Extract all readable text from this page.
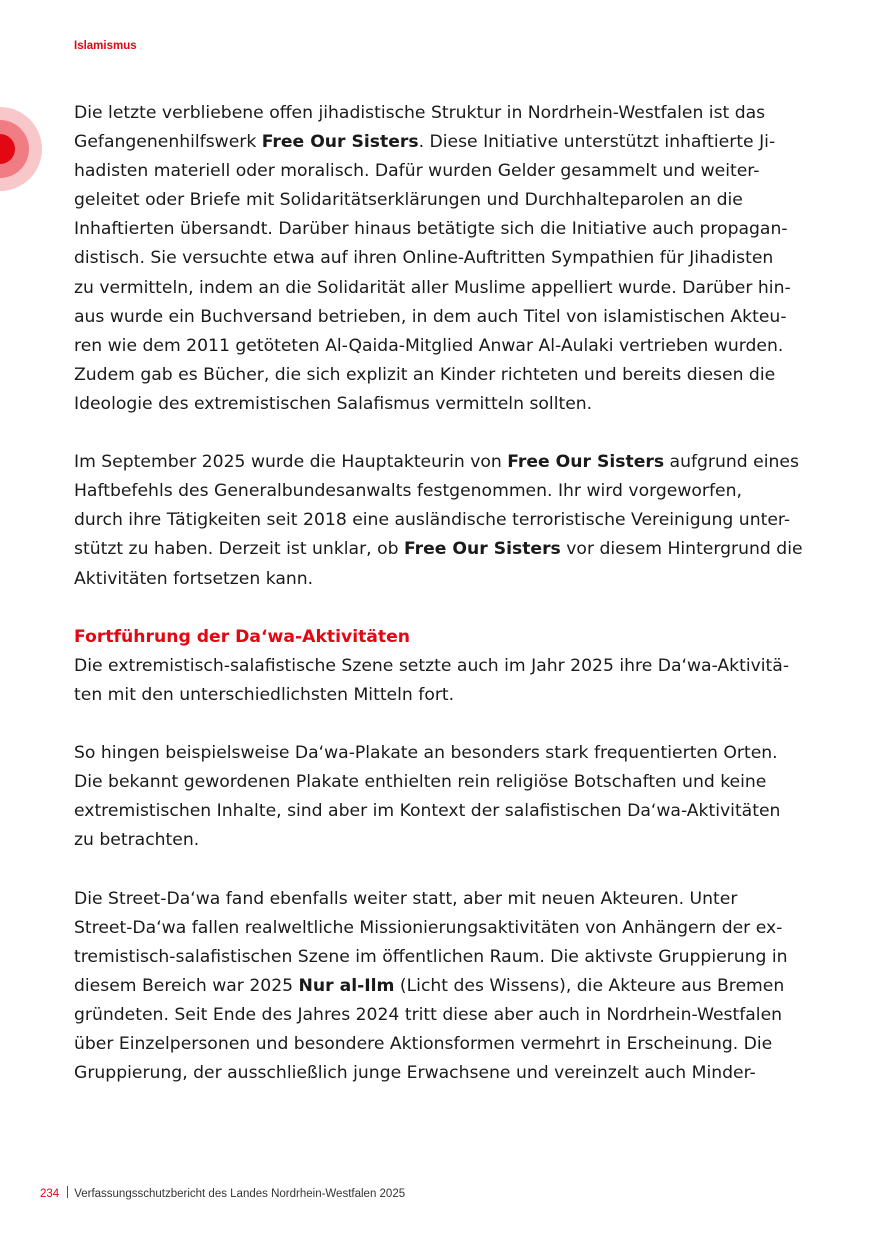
Islamismus

Die letzte verbliebene offen jihadistische Struktur in Nordrhein-Westfalen ist das
Gefangenenhilfswerk Free Our Sisters. Diese Initiative unterstützt inhaftierte Ji-
hadisten materiell oder moralisch. Dafür wurden Gelder gesammelt und weiter-
geleitet oder Briefe mit Solidaritätserklärungen und Durchhalteparolen an die
Inhaftierten übersandt. Darüber hinaus betätigte sich die Initiative auch propagan-
distisch. Sie versuchte etwa auf ihren Online-Auftritten Sympathien für Jihadisten
zu vermitteln, indem an die Solidarität aller Muslime appelliert wurde. Darüber hin-
aus wurde ein Buchversand betrieben, in dem auch Titel von islamistischen Akteu-
ren wie dem 2011 getöteten Al-Qaida-Mitglied Anwar Al-Aulaki vertrieben wurden.
Zudem gab es Bücher, die sich explizit an Kinder richteten und bereits diesen die
Ideologie des extremistischen Salafismus vermitteln sollten.

Im September 2025 wurde die Hauptakteurin von Free Our Sisters aufgrund eines
Haftbefehls des Generalbundesanwalts festgenommen. Ihr wird vorgeworfen,
durch ihre Tätigkeiten seit 2018 eine ausländische terroristische Vereinigung unter-
stützt zu haben. Derzeit ist unklar, ob Free Our Sisters vor diesem Hintergrund die
Aktivitäten fortsetzen kann.

Fortführung der Da‘wa-Aktivitäten

Die extremistisch-salafistische Szene setzte auch im Jahr 2025 ihre Da‘wa-Aktivitä-
ten mit den unterschiedlichsten Mitteln fort.

So hingen beispielsweise Da‘wa-Plakate an besonders stark frequentierten Orten.
Die bekannt gewordenen Plakate enthielten rein religiöse Botschaften und keine
extremistischen Inhalte, sind aber im Kontext der salafistischen Da‘wa-Aktivitäten
zu betrachten.

Die Street-Da‘wa fand ebenfalls weiter statt, aber mit neuen Akteuren. Unter
Street-Da‘wa fallen realweltliche Missionierungsaktivitäten von Anhängern der ex-
tremistisch-salafistischen Szene im öffentlichen Raum. Die aktivste Gruppierung in
diesem Bereich war 2025 Nur al-Ilm (Licht des Wissens), die Akteure aus Bremen
gründeten. Seit Ende des Jahres 2024 tritt diese aber auch in Nordrhein-Westfalen
über Einzelpersonen und besondere Aktionsformen vermehrt in Erscheinung. Die
Gruppierung, der ausschließlich junge Erwachsene und vereinzelt auch Minder-

234 Verfassungsschutzbericht des Landes Nordrhein-Westfalen 2025
